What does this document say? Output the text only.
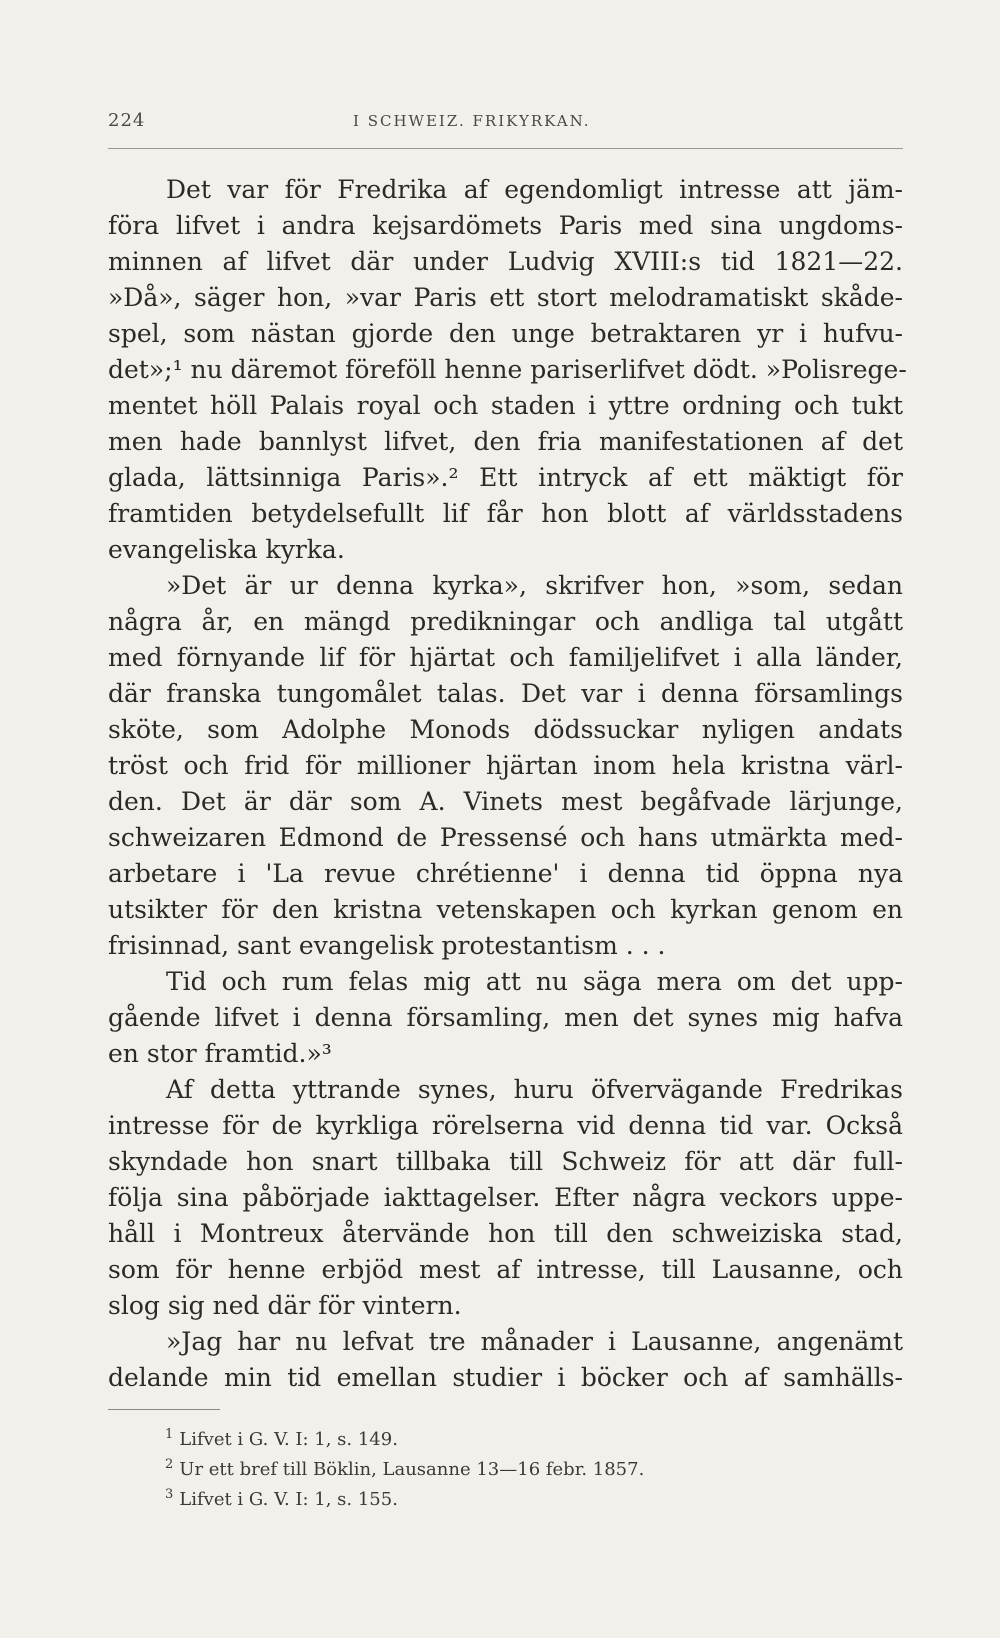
224	I SCHWEIZ. FRIKYRKAN.
Det var för Fredrika af egendomligt intresse att jäm-
föra lifvet i andra kejsardömets Paris med sina ungdoms-
minnen af lifvet där under Ludvig XVIII:s tid 1821—22.
»Då», säger hon, »var Paris ett stort melodramatiskt skåde-
spel, som nästan gjorde den unge betraktaren yr i hufvu-
det»;¹ nu däremot föreföll henne pariserlifvet dödt. »Polisrege-
mentet höll Palais royal och staden i yttre ordning och tukt
men hade bannlyst lifvet, den fria manifestationen af det
glada, lättsinniga Paris».² Ett intryck af ett mäktigt för
framtiden betydelsefullt lif får hon blott af världsstadens
evangeliska kyrka.
»Det är ur denna kyrka», skrifver hon, »som, sedan
några år, en mängd predikningar och andliga tal utgått
med förnyande lif för hjärtat och familjelifvet i alla länder,
där franska tungomålet talas. Det var i denna församlings
sköte, som Adolphe Monods dödssuckar nyligen andats
tröst och frid för millioner hjärtan inom hela kristna värl-
den. Det är där som A. Vinets mest begåfvade lärjunge,
schweizaren Edmond de Pressensé och hans utmärkta med-
arbetare i 'La revue chrétienne' i denna tid öppna nya
utsikter för den kristna vetenskapen och kyrkan genom en
frisinnad, sant evangelisk protestantism . . .
Tid och rum felas mig att nu säga mera om det upp-
gående lifvet i denna församling, men det synes mig hafva
en stor framtid.»³
Af detta yttrande synes, huru öfvervägande Fredrikas
intresse för de kyrkliga rörelserna vid denna tid var. Också
skyndade hon snart tillbaka till Schweiz för att där full-
följa sina påbörjade iakttagelser. Efter några veckors uppe-
håll i Montreux återvände hon till den schweiziska stad,
som för henne erbjöd mest af intresse, till Lausanne, och
slog sig ned där för vintern.
»Jag har nu lefvat tre månader i Lausanne, angenämt
delande min tid emellan studier i böcker och af samhälls-
$^1$ Lifvet i G. V. I: 1, s. 149.
$^2$ Ur ett bref till Böklin, Lausanne 13—16 febr. 1857.
$^3$ Lifvet i G. V. I: 1, s. 155.
